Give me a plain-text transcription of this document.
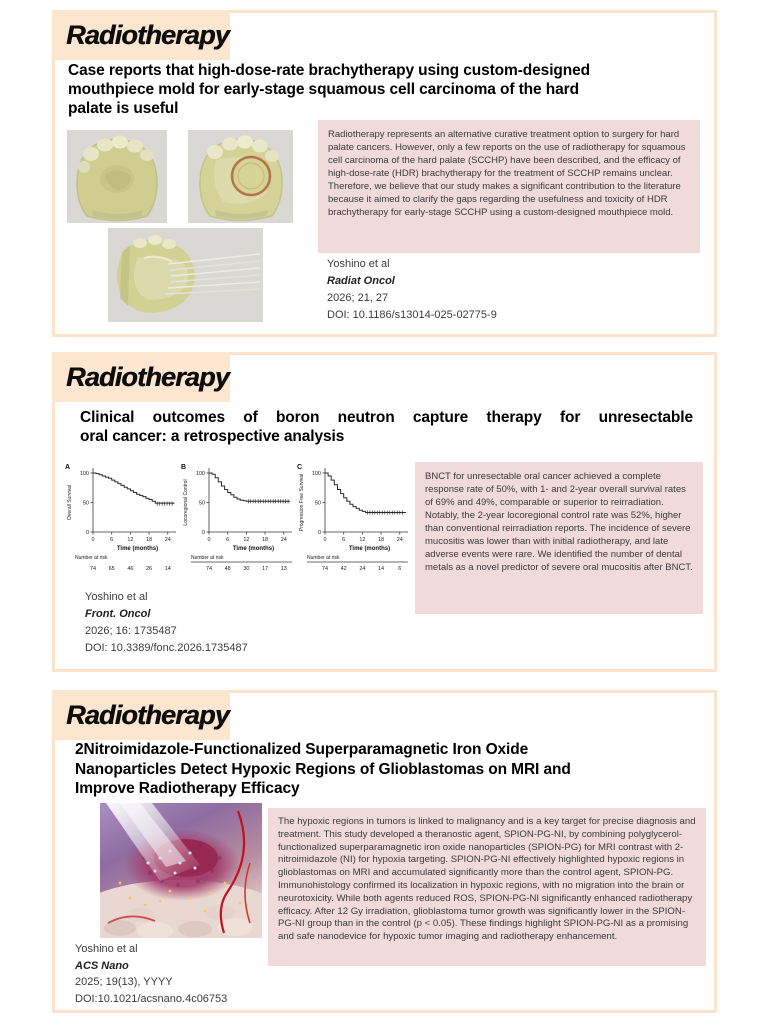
Radiotherapy
Case reports that high-dose-rate brachytherapy using custom-designed
mouthpiece mold for early-stage squamous cell carcinoma of the hard
palate is useful
Radiotherapy represents an alternative curative treatment option to surgery for hard palate cancers. However, only a few reports on the use of radiotherapy for squamous cell carcinoma of the hard palate (SCCHP) have been described, and the efficacy of high-dose-rate (HDR) brachytherapy for the treatment of SCCHP remains unclear. Therefore, we believe that our study makes a significant contribution to the literature because it aimed to clarify the gaps regarding the usefulness and toxicity of HDR brachytherapy for early-stage SCCHP using a custom-designed mouthpiece mold.
Yoshino et al
Radiat Oncol
2026; 21, 27
DOI: 10.1186/s13014-025-02775-9
Radiotherapy
Clinical outcomes of boron neutron capture therapy for unresectable
oral cancer: a retrospective analysis
A
0
50
100
0	6	12 18 24
Overall Survival
Time (months)
Number at risk
74 65 46 26 14
B
0
50
100
0	6	12 18 24
Locoregional Control
Time (months)
Number at risk
74 48 30 17 13
C
0
50
100
0	6	12 18 24
Progression Free Survival
Time (months)
Number at risk
74 42 24 14	6
BNCT for unresectable oral cancer achieved a complete response rate of 50%, with 1- and 2-year overall survival rates of 69% and 49%, comparable or superior to reirradiation. Notably, the 2-year locoregional control rate was 52%, higher than conventional reirradiation reports. The incidence of severe mucositis was lower than with initial radiotherapy, and late adverse events were rare. We identified the number of dental metals as a novel predictor of severe oral mucositis after BNCT.
Yoshino et al
Front. Oncol
2026; 16: 1735487
DOI: 10.3389/fonc.2026.1735487
Radiotherapy
2Nitroimidazole-Functionalized Superparamagnetic Iron Oxide
Nanoparticles Detect Hypoxic Regions of Glioblastomas on MRI and
Improve Radiotherapy Efficacy
The hypoxic regions in tumors is linked to malignancy and is a key target for precise diagnosis and treatment. This study developed a theranostic agent, SPION-PG-NI, by combining polyglycerol-functionalized superparamagnetic iron oxide nanoparticles (SPION-PG) for MRI contrast with 2-nitroimidazole (NI) for hypoxia targeting. SPION-PG-NI effectively highlighted hypoxic regions in glioblastomas on MRI and accumulated significantly more than the control agent, SPION-PG. Immunohistology confirmed its localization in hypoxic regions, with no migration into the brain or neurotoxicity. While both agents reduced ROS, SPION-PG-NI significantly enhanced radiotherapy efficacy. After 12 Gy irradiation, glioblastoma tumor growth was significantly lower in the SPION-PG-NI group than in the control (p < 0.05). These findings highlight SPION-PG-NI as a promising and safe nanodevice for hypoxic tumor imaging and radiotherapy enhancement.
Yoshino et al
ACS Nano
2025; 19(13), YYYY
DOI:10.1021/acsnano.4c06753
